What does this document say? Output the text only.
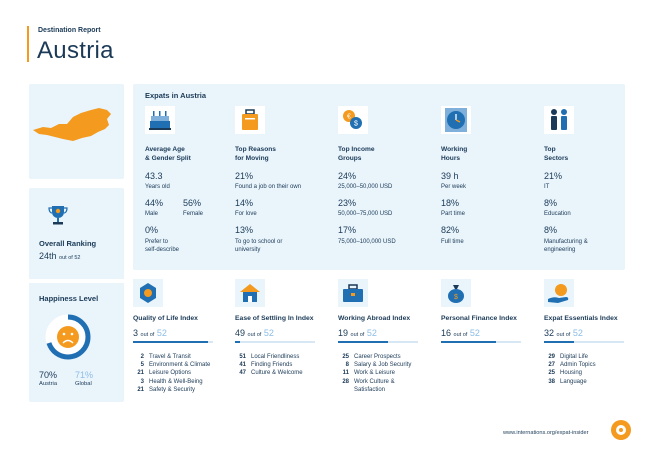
Destination Report
Austria
Overall Ranking
24th out of 52
Happiness Level
70%
Austria
71%
Global
Expats in Austria
Average Age
& Gender Split
43.3
Years old
44%
Male
56%
Female
0%
Prefer to
self-describe
Top Reasons
for Moving
21%
Found a job on their own
14%
For love
13%
To go to school or
university
€
$
Top Income
Groups
24%
25,000–50,000 USD
23%
50,000–75,000 USD
17%
75,000–100,000 USD
Working
Hours
39 h
Per week
18%
Part time
82%
Full time
Top
Sectors
21%
IT
8%
Education
8%
Manufacturing &
engineering
Quality of Life Index
3 out of 52
2 Travel & Transit
5 Environment & Climate
21 Leisure Options
3 Health & Well-Being
21 Safety & Security
Ease of Settling In Index
49 out of 52
51 Local Friendliness
41 Finding Friends
47 Culture & Welcome
Working Abroad Index
19 out of 52
25 Career Prospects
8 Salary & Job Security
11 Work & Leisure
28 Work Culture &
Satisfaction
$
Personal Finance Index
16 out of 52
Expat Essentials Index
32 out of 52
29 Digital Life
27 Admin Topics
25 Housing
38 Language
www.internations.org/expat-insider
